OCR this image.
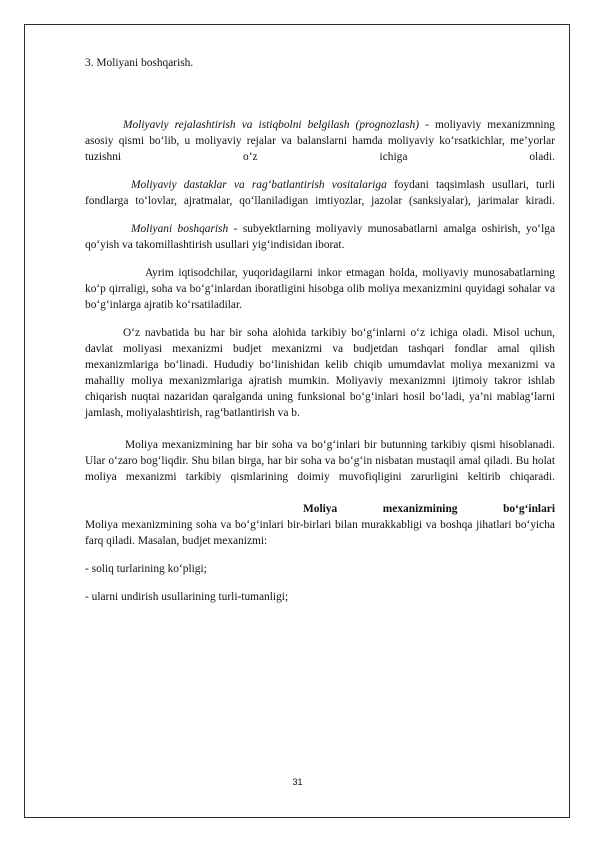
3. Moliyani boshqarish.

Moliyaviy rejalashtirish va istiqbolni belgilash (prognozlash) - moliyaviy mexanizmning asosiy qismi bo‘lib, u moliyaviy rejalar va balanslarni hamda moliyaviy ko‘rsatkichlar, me’yorlar tuzishni o‘z ichiga oladi.

Moliyaviy dastaklar va rag‘batlantirish vositalariga foydani taqsimlash usullari, turli fondlarga to‘lovlar, ajratmalar, qo‘llaniladigan imtiyozlar, jazolar (sanksiyalar), jarimalar kiradi.

Moliyani boshqarish - subyektlarning moliyaviy munosabatlarni amalga oshirish, yo‘lga qo‘yish va takomillashtirish usullari yig‘indisidan iborat.

Ayrim iqtisodchilar, yuqoridagilarni inkor etmagan holda, moliyaviy munosabatlarning ko‘p qirraligi, soha va bo‘g‘inlardan iboratligini hisobga olib moliya mexanizmini quyidagi sohalar va bo‘g‘inlarga ajratib ko‘rsatiladilar.

O‘z navbatida bu har bir soha alohida tarkibiy bo‘g‘inlarni o‘z ichiga oladi. Misol uchun, davlat moliyasi mexanizmi budjet mexanizmi va budjetdan tashqari fondlar amal qilish mexanizmlariga bo‘linadi. Hududiy bo‘linishidan kelib chiqib umumdavlat moliya mexanizmi va mahalliy moliya mexanizmlariga ajratish mumkin. Moliyaviy mexanizmni ijtimoiy takror ishlab chiqarish nuqtai nazaridan qaralganda uning funksional bo‘g‘inlari hosil bo‘ladi, ya’ni mablag‘larni jamlash, moliyalashtirish, rag‘batlantirish va b.

Moliya mexanizmining har bir soha va bo‘g‘inlari bir butunning tarkibiy qismi hisoblanadi. Ular o‘zaro bog‘liqdir. Shu bilan birga, har bir soha va bo‘g‘in nisbatan mustaqil amal qiladi. Bu holat moliya mexanizmi tarkibiy qismlarining doimiy muvofiqligini zarurligini keltirib chiqaradi.

Moliya mexanizmining bo‘g‘inlari

Moliya mexanizmining soha va bo‘g‘inlari bir-birlari bilan murakkabligi va boshqa jihatlari bo‘yicha farq qiladi. Masalan, budjet mexanizmi:

- soliq turlarining ko‘pligi;
- ularni undirish usullarining turli-tumanligi;
31
